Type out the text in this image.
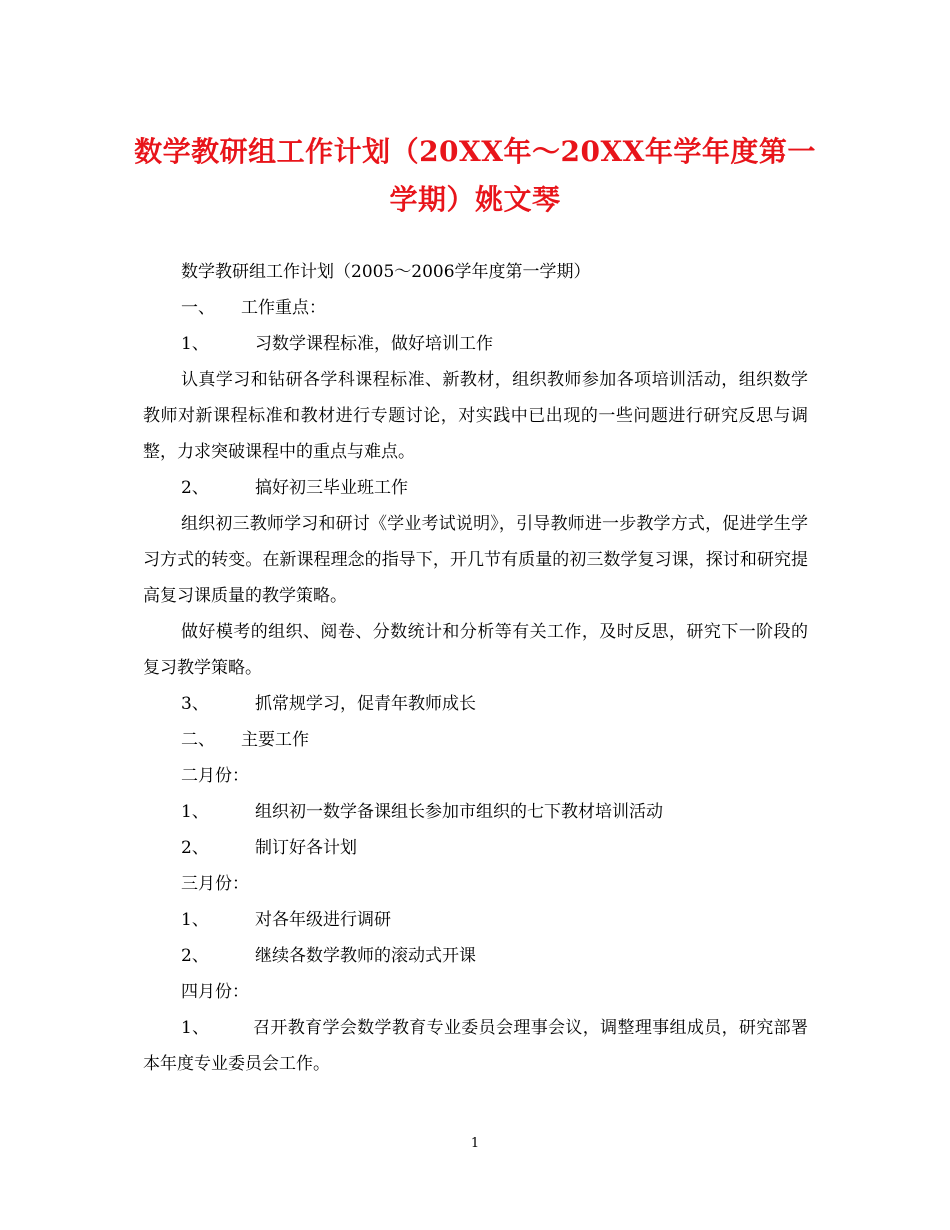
数学教研组工作计划（20XX年～20XX年学年度第一学期）姚文琴
数学教研组工作计划（2005～2006学年度第一学期）
一、 工作重点：
1、	习数学课程标准，做好培训工作
认真学习和钻研各学科课程标准、新教材，组织教师参加各项培训活动，组织数学教师对新课程标准和教材进行专题讨论，对实践中已出现的一些问题进行研究反思与调整，力求突破课程中的重点与难点。
2、	搞好初三毕业班工作
组织初三教师学习和研讨《学业考试说明》，引导教师进一步教学方式，促进学生学习方式的转变。在新课程理念的指导下，开几节有质量的初三数学复习课，探讨和研究提高复习课质量的教学策略。
做好模考的组织、阅卷、分数统计和分析等有关工作，及时反思，研究下一阶段的复习教学策略。
3、	抓常规学习，促青年教师成长
二、 主要工作
二月份：
1、	组织初一数学备课组长参加市组织的七下教材培训活动
2、	制订好各计划
三月份：
1、	对各年级进行调研
2、	继续各数学教师的滚动式开课
四月份：
1、　　　召开教育学会数学教育专业委员会理事会议，调整理事组成员，研究部署本年度专业委员会工作。
1
